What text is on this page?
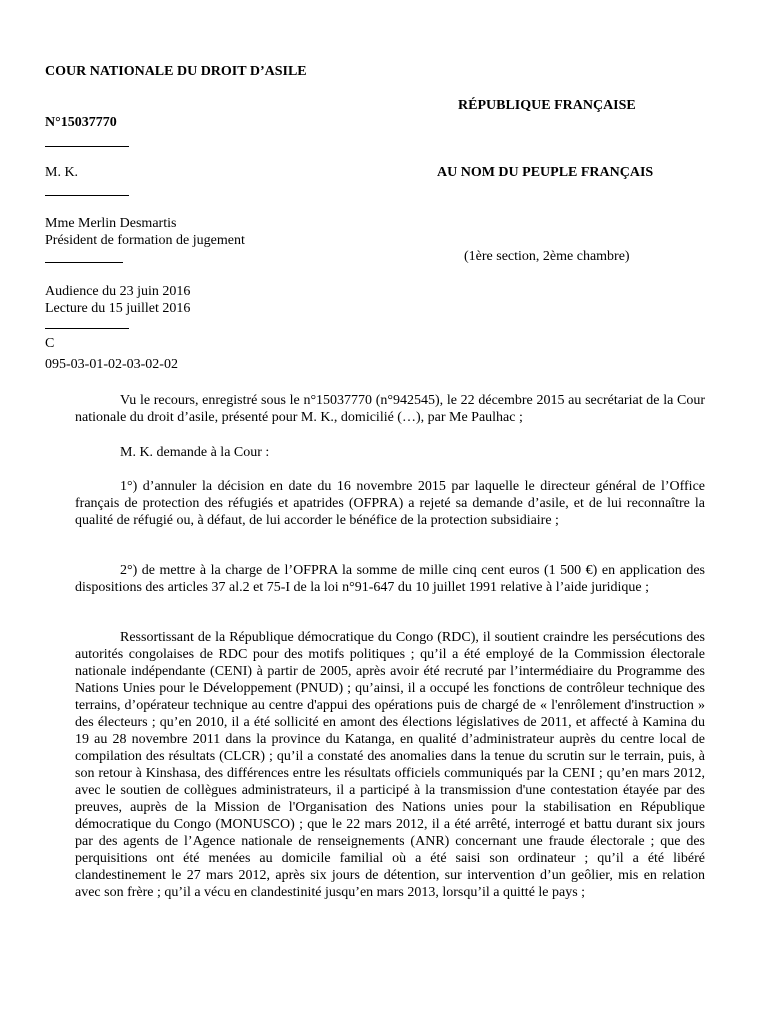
COUR NATIONALE DU DROIT D’ASILE
RÉPUBLIQUE FRANÇAISE
N°15037770
M. K.	AU NOM DU PEUPLE FRANÇAIS
Mme Merlin Desmartis
Président de formation de jugement
(1ère section, 2ème chambre)
Audience du 23 juin 2016
Lecture du 15 juillet 2016
C
095-03-01-02-03-02-02

Vu le recours, enregistré sous le n°15037770 (n°942545), le 22 décembre 2015 au secrétariat de la Cour nationale du droit d’asile, présenté pour M. K., domicilié (…), par Me Paulhac ;

M. K. demande à la Cour :

1°) d’annuler la décision en date du 16 novembre 2015 par laquelle le directeur général de l’Office français de protection des réfugiés et apatrides (OFPRA) a rejeté sa demande d’asile, et de lui reconnaître la qualité de réfugié ou, à défaut, de lui accorder le bénéfice de la protection subsidiaire ;

2°) de mettre à la charge de l’OFPRA la somme de mille cinq cent euros (1 500 €) en application des dispositions des articles 37 al.2 et 75-I de la loi n°91-647 du 10 juillet 1991 relative à l’aide juridique ;

Ressortissant de la République démocratique du Congo (RDC), il soutient craindre les persécutions des autorités congolaises de RDC pour des motifs politiques ; qu’il a été employé de la Commission électorale nationale indépendante (CENI) à partir de 2005, après avoir été recruté par l’intermédiaire du Programme des Nations Unies pour le Développement (PNUD) ; qu’ainsi, il a occupé les fonctions de contrôleur technique des terrains, d’opérateur technique au centre d'appui des opérations puis de chargé de « l'enrôlement d'instruction » des électeurs ; qu’en 2010, il a été sollicité en amont des élections législatives de 2011, et affecté à Kamina du 19 au 28 novembre 2011 dans la province du Katanga, en qualité d’administrateur auprès du centre local de compilation des résultats (CLCR) ; qu’il a constaté des anomalies dans la tenue du scrutin sur le terrain, puis, à son retour à Kinshasa, des différences entre les résultats officiels communiqués par la CENI ; qu’en mars 2012, avec le soutien de collègues administrateurs, il a participé à la transmission d'une contestation étayée par des preuves, auprès de la Mission de l'Organisation des Nations unies pour la stabilisation en République démocratique du Congo (MONUSCO) ; que le 22 mars 2012, il a été arrêté, interrogé et battu durant six jours par des agents de l’Agence nationale de renseignements (ANR) concernant une fraude électorale ; que des perquisitions ont été menées au domicile familial où a été saisi son ordinateur ; qu’il a été libéré clandestinement le 27 mars 2012, après six jours de détention, sur intervention d’un geôlier, mis en relation avec son frère ; qu’il a vécu en clandestinité jusqu’en mars 2013, lorsqu’il a quitté le pays ;
